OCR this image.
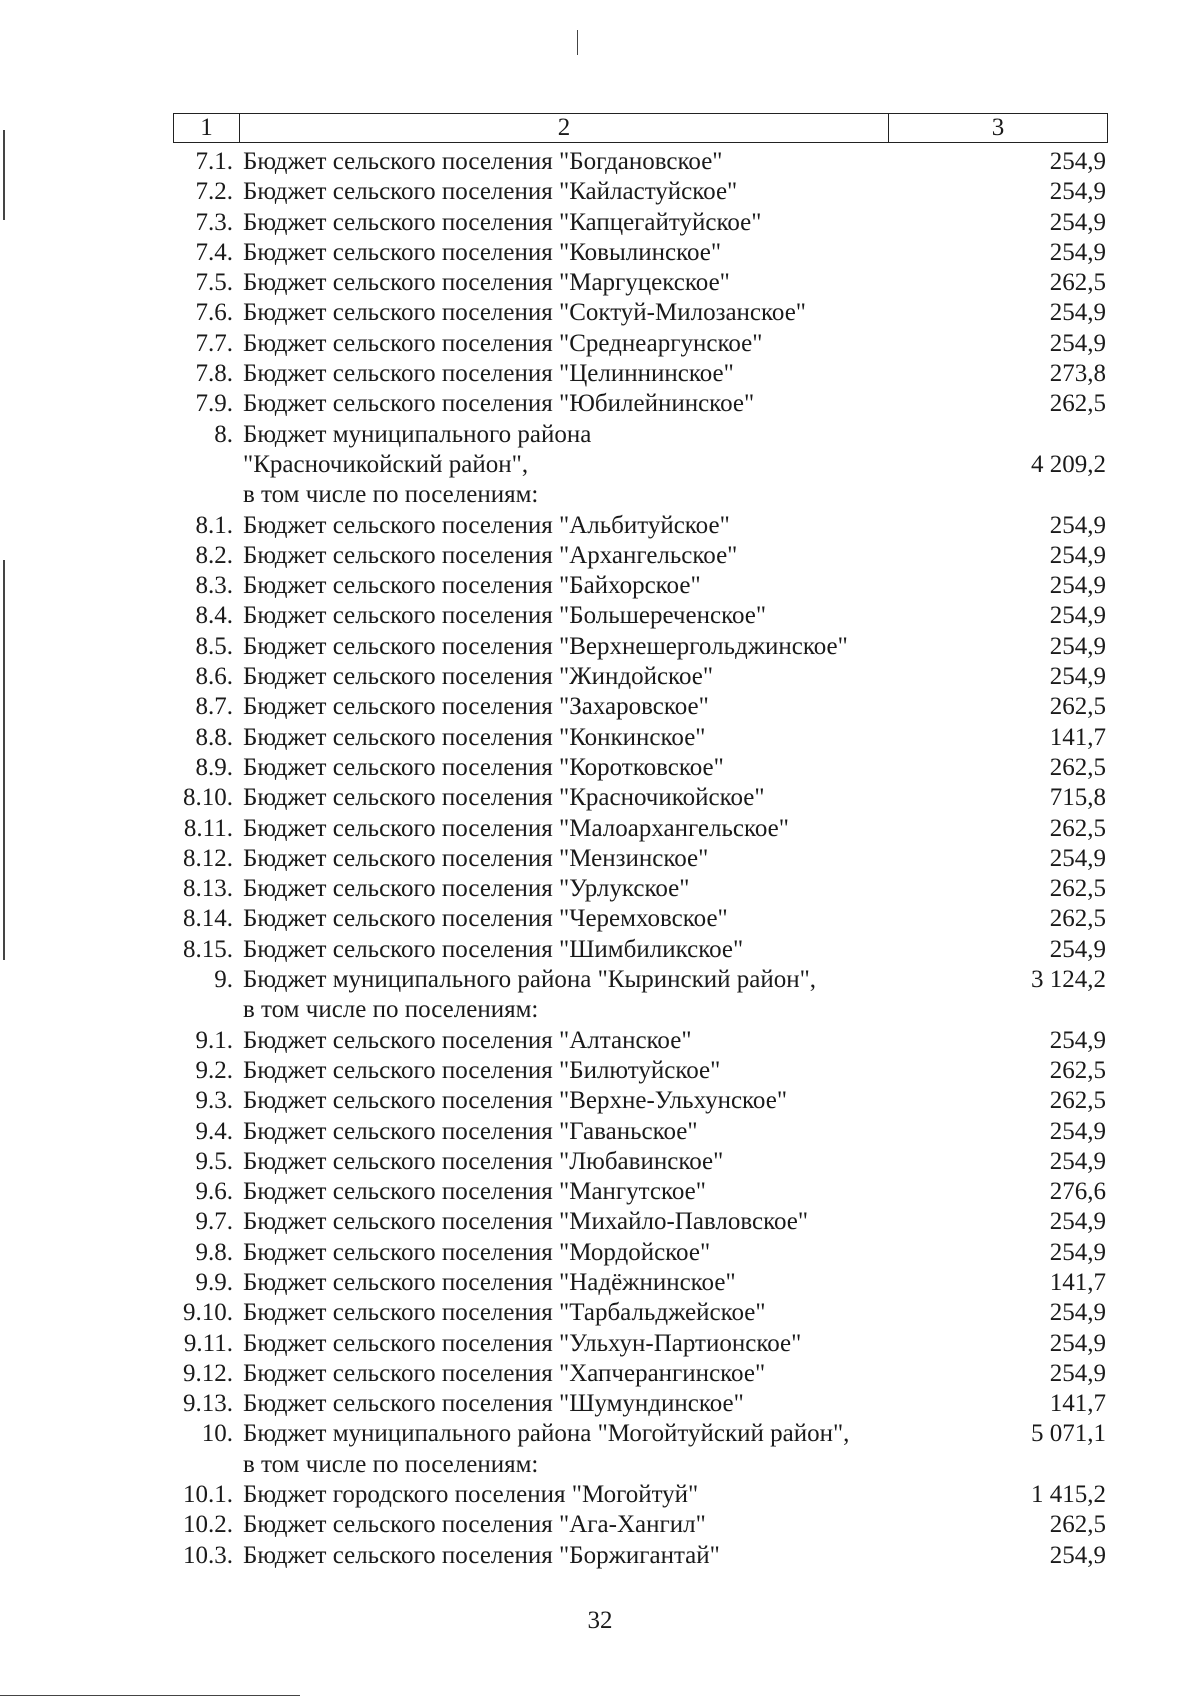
1	2	3
7.1. Бюджет сельского поселения "Богдановское"	254,9
7.2. Бюджет сельского поселения "Кайластуйское"	254,9
7.3. Бюджет сельского поселения "Капцегайтуйское"	254,9
7.4. Бюджет сельского поселения "Ковылинское"	254,9
7.5. Бюджет сельского поселения "Маргуцекское"	262,5
7.6. Бюджет сельского поселения "Соктуй-Милозанское"	254,9
7.7. Бюджет сельского поселения "Среднеаргунское"	254,9
7.8. Бюджет сельского поселения "Целиннинское"	273,8
7.9. Бюджет сельского поселения "Юбилейнинское"	262,5
8. Бюджет муниципального района
"Красночикойский район",	4 209,2
в том числе по поселениям:
8.1. Бюджет сельского поселения "Альбитуйское"	254,9
8.2. Бюджет сельского поселения "Архангельское"	254,9
8.3. Бюджет сельского поселения "Байхорское"	254,9
8.4. Бюджет сельского поселения "Большереченское"	254,9
8.5. Бюджет сельского поселения "Верхнешергольджинское"	254,9
8.6. Бюджет сельского поселения "Жиндойское"	254,9
8.7. Бюджет сельского поселения "Захаровское"	262,5
8.8. Бюджет сельского поселения "Конкинское"	141,7
8.9. Бюджет сельского поселения "Коротковское"	262,5
8.10. Бюджет сельского поселения "Красночикойское"	715,8
8.11. Бюджет сельского поселения "Малоархангельское"	262,5
8.12. Бюджет сельского поселения "Мензинское"	254,9
8.13. Бюджет сельского поселения "Урлукское"	262,5
8.14. Бюджет сельского поселения "Черемховское"	262,5
8.15. Бюджет сельского поселения "Шимбиликское"	254,9
9. Бюджет муниципального района "Кыринский район",	3 124,2
в том числе по поселениям:
9.1. Бюджет сельского поселения "Алтанское"	254,9
9.2. Бюджет сельского поселения "Билютуйское"	262,5
9.3. Бюджет сельского поселения "Верхне-Ульхунское"	262,5
9.4. Бюджет сельского поселения "Гаваньское"	254,9
9.5. Бюджет сельского поселения "Любавинское"	254,9
9.6. Бюджет сельского поселения "Мангутское"	276,6
9.7. Бюджет сельского поселения "Михайло-Павловское"	254,9
9.8. Бюджет сельского поселения "Мордойское"	254,9
9.9. Бюджет сельского поселения "Надёжнинское"	141,7
9.10. Бюджет сельского поселения "Тарбальджейское"	254,9
9.11. Бюджет сельского поселения "Ульхун-Партионское"	254,9
9.12. Бюджет сельского поселения "Хапчерангинское"	254,9
9.13. Бюджет сельского поселения "Шумундинское"	141,7
10. Бюджет муниципального района "Могойтуйский район",	5 071,1
в том числе по поселениям:
10.1. Бюджет городского поселения "Могойтуй"	1 415,2
10.2. Бюджет сельского поселения "Ага-Хангил"	262,5
10.3. Бюджет сельского поселения "Боржигантай"	254,9
32
